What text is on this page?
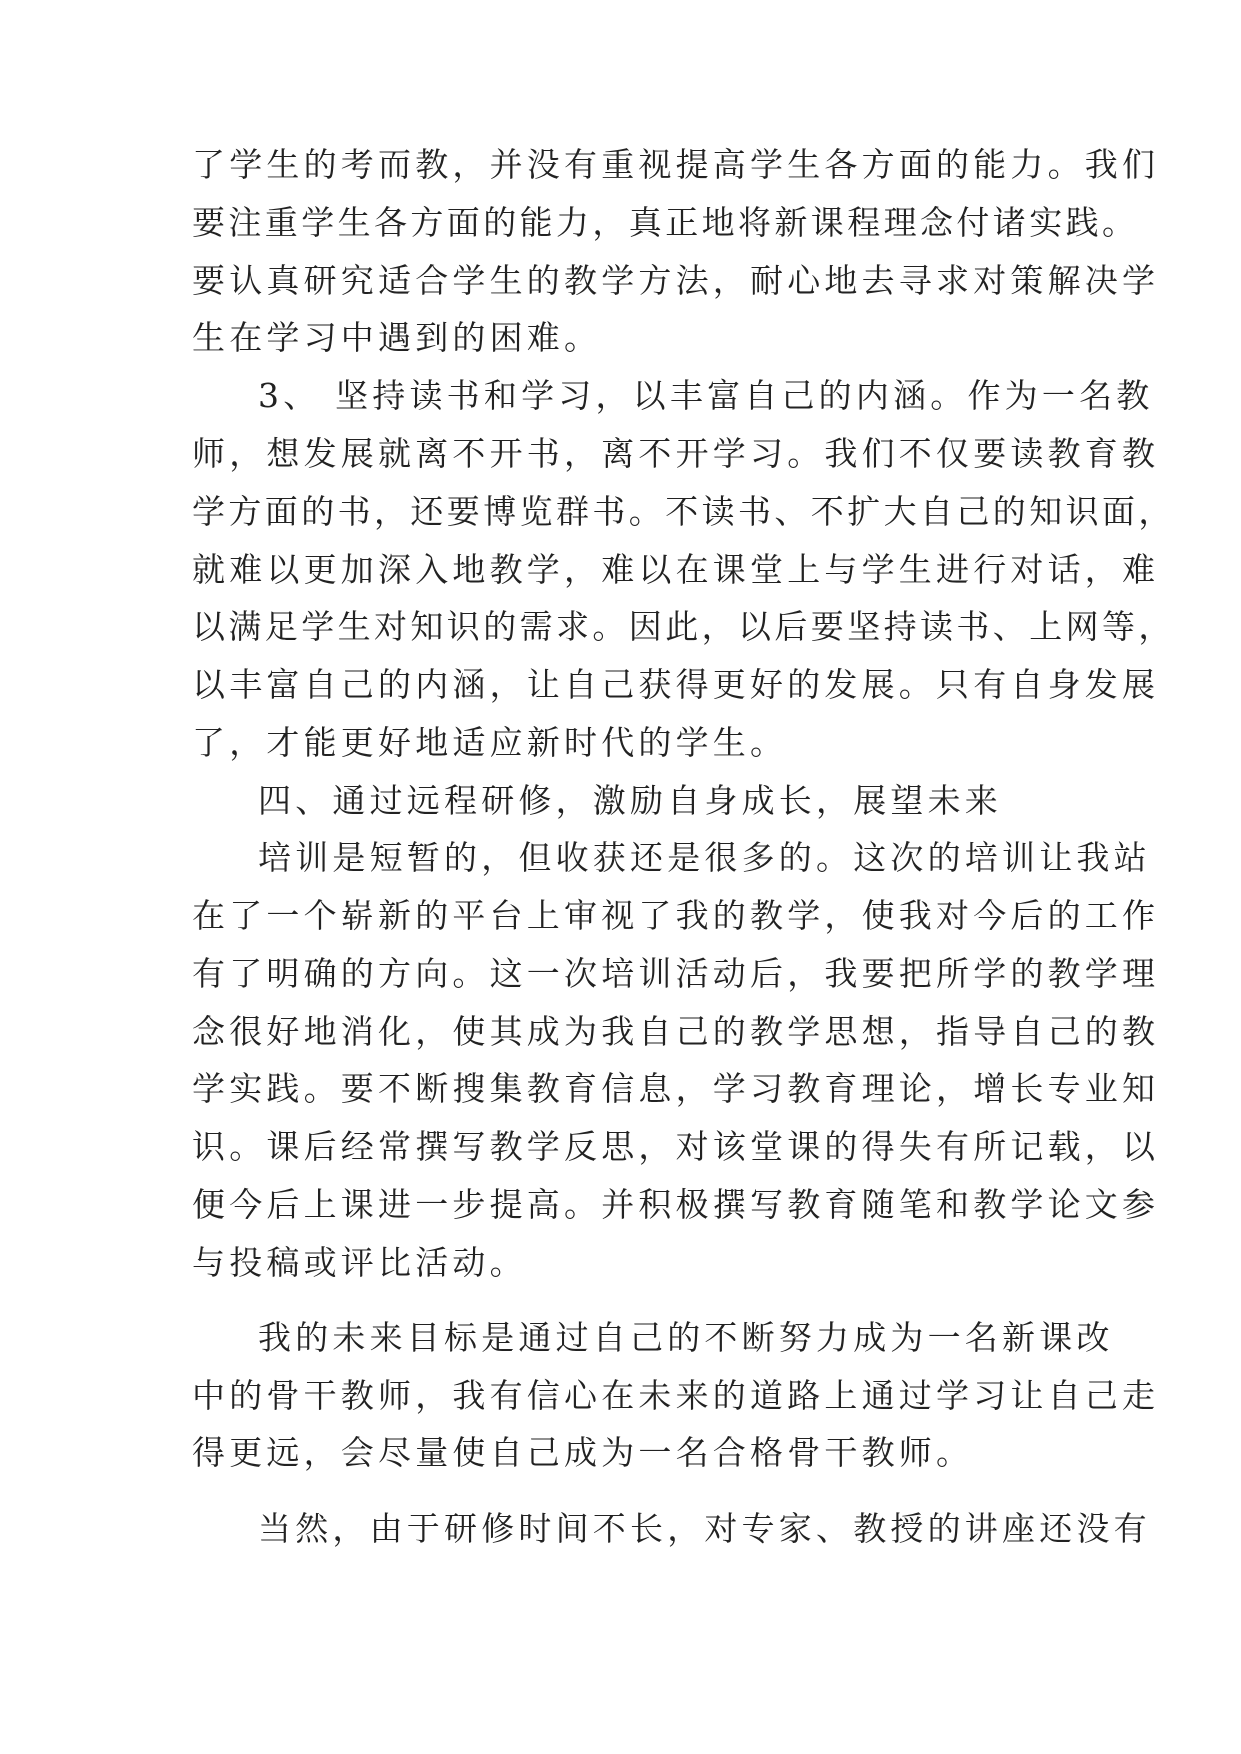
了学生的考而教，并没有重视提高学生各方面的能力。我们
要注重学生各方面的能力，真正地将新课程理念付诸实践。
要认真研究适合学生的教学方法，耐心地去寻求对策解决学
生在学习中遇到的困难。
3、 坚持读书和学习，以丰富自己的内涵。作为一名教
师，想发展就离不开书，离不开学习。我们不仅要读教育教
学方面的书，还要博览群书。不读书、不扩大自己的知识面，
就难以更加深入地教学，难以在课堂上与学生进行对话，难
以满足学生对知识的需求。因此，以后要坚持读书、上网等，
以丰富自己的内涵，让自己获得更好的发展。只有自身发展
了，才能更好地适应新时代的学生。
四、通过远程研修，激励自身成长，展望未来
培训是短暂的，但收获还是很多的。这次的培训让我站
在了一个崭新的平台上审视了我的教学，使我对今后的工作
有了明确的方向。这一次培训活动后，我要把所学的教学理
念很好地消化，使其成为我自己的教学思想，指导自己的教
学实践。要不断搜集教育信息，学习教育理论，增长专业知
识。课后经常撰写教学反思，对该堂课的得失有所记载，以
便今后上课进一步提高。并积极撰写教育随笔和教学论文参
与投稿或评比活动。
我的未来目标是通过自己的不断努力成为一名新课改
中的骨干教师，我有信心在未来的道路上通过学习让自己走
得更远，会尽量使自己成为一名合格骨干教师。
当然，由于研修时间不长，对专家、教授的讲座还没有
